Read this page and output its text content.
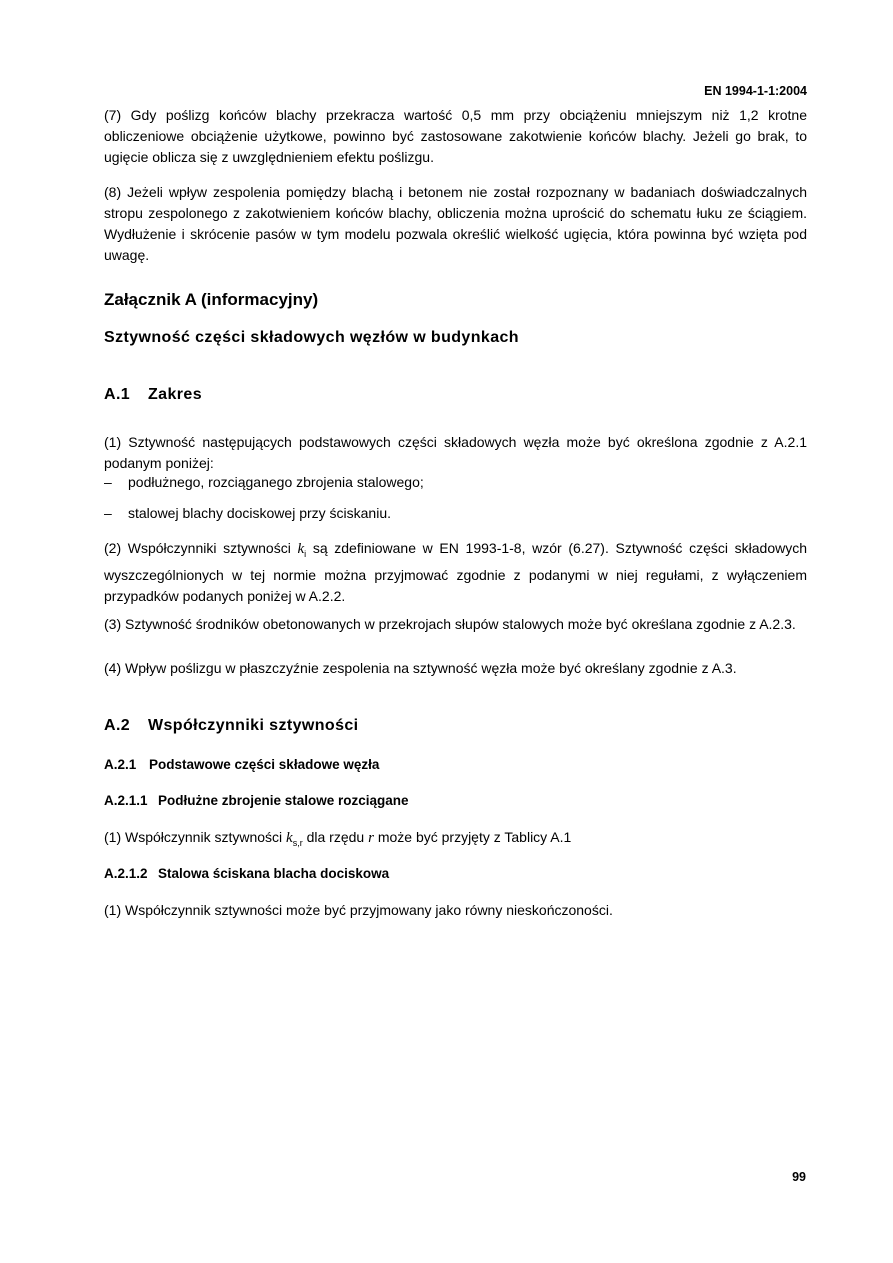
EN 1994-1-1:2004
(7) Gdy poślizg końców blachy przekracza wartość 0,5 mm przy obciążeniu mniejszym niż 1,2 krotne obliczeniowe obciążenie użytkowe, powinno być zastosowane zakotwienie końców blachy. Jeżeli go brak, to ugięcie oblicza się z uwzględnieniem efektu poślizgu.
(8) Jeżeli wpływ zespolenia pomiędzy blachą i betonem nie został rozpoznany w badaniach doświadczalnych stropu zespolonego z zakotwieniem końców blachy, obliczenia można uprościć do schematu łuku ze ściągiem. Wydłużenie i skrócenie pasów w tym modelu pozwala określić wielkość ugięcia, która powinna być wzięta pod uwagę.
Załącznik A (informacyjny)
Sztywność części składowych węzłów w budynkach
A.1 Zakres
(1) Sztywność następujących podstawowych części składowych węzła może być określona zgodnie z A.2.1 podanym poniżej:
– podłużnego, rozciąganego zbrojenia stalowego;
– stalowej blachy dociskowej przy ściskaniu.
(2) Współczynniki sztywności $k_i$ są zdefiniowane w EN 1993-1-8, wzór (6.27). Sztywność części składowych wyszczególnionych w tej normie można przyjmować zgodnie z podanymi w niej regułami, z wyłączeniem przypadków podanych poniżej w A.2.2.
(3) Sztywność środników obetonowanych w przekrojach słupów stalowych może być określana zgodnie z A.2.3.
(4) Wpływ poślizgu w płaszczyźnie zespolenia na sztywność węzła może być określany zgodnie z A.3.
A.2 Współczynniki sztywności
A.2.1 Podstawowe części składowe węzła
A.2.1.1 Podłużne zbrojenie stalowe rozciągane
(1) Współczynnik sztywności $k_{s,r}$ dla rzędu r może być przyjęty z Tablicy A.1
A.2.1.2 Stalowa ściskana blacha dociskowa
(1) Współczynnik sztywności może być przyjmowany jako równy nieskończoności.
99
